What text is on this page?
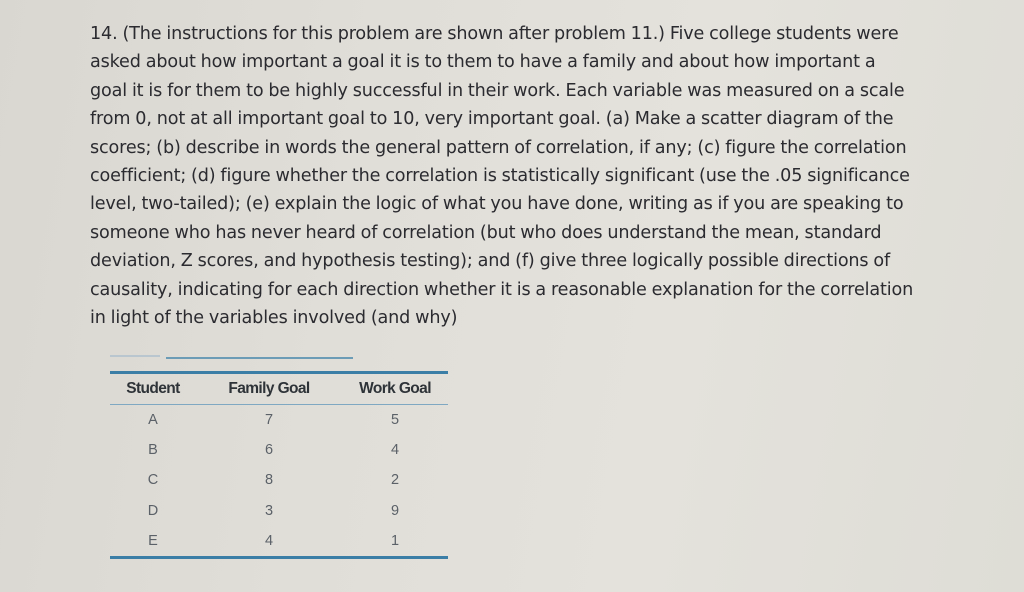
14. (The instructions for this problem are shown after problem 11.) Five college students were
asked about how important a goal it is to them to have a family and about how important a
goal it is for them to be highly successful in their work. Each variable was measured on a scale
from 0, not at all important goal to 10, very important goal. (a) Make a scatter diagram of the
scores; (b) describe in words the general pattern of correlation, if any; (c) figure the correlation
coefficient; (d) figure whether the correlation is statistically significant (use the .05 significance
level, two-tailed); (e) explain the logic of what you have done, writing as if you are speaking to
someone who has never heard of correlation (but who does understand the mean, standard
deviation, Z scores, and hypothesis testing); and (f) give three logically possible directions of
causality, indicating for each direction whether it is a reasonable explanation for the correlation
in light of the variables involved (and why)
Student	Family Goal	Work Goal
A	7	5
B	6	4
C	8	2
D	3	9
E	4	1
